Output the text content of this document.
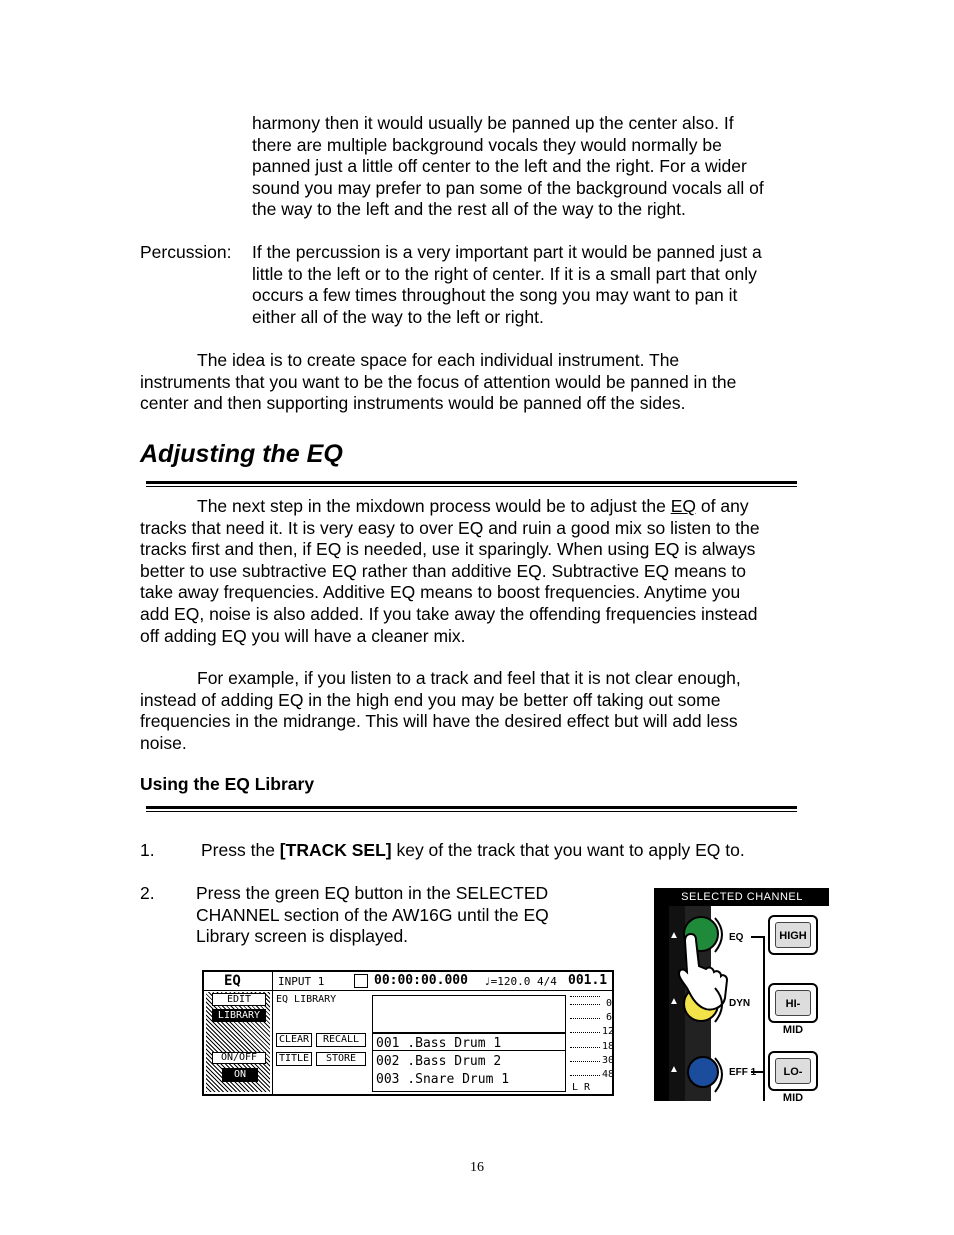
harmony then it would usually be panned up the center also. If
there are multiple background vocals they would normally be
panned just a little off center to the left and the right. For a wider
sound you may prefer to pan some of the background vocals all of
the way to the left and the rest all of the way to the right.
Percussion: If the percussion is a very important part it would be panned just a
little to the left or to the right of center. If it is a small part that only
occurs a few times throughout the song you may want to pan it
either all of the way to the left or right.
The idea is to create space for each individual instrument. The
instruments that you want to be the focus of attention would be panned in the
center and then supporting instruments would be panned off the sides.
Adjusting the EQ
The next step in the mixdown process would be to adjust the EQ of any
tracks that need it. It is very easy to over EQ and ruin a good mix so listen to the
tracks first and then, if EQ is needed, use it sparingly. When using EQ is always
better to use subtractive EQ rather than additive EQ. Subtractive EQ means to
take away frequencies. Additive EQ means to boost frequencies. Anytime you
add EQ, noise is also added. If you take away the offending frequencies instead
off adding EQ you will have a cleaner mix.
For example, if you listen to a track and feel that it is not clear enough,
instead of adding EQ in the high end you may be better off taking out some
frequencies in the midrange. This will have the desired effect but will add less
noise.
Using the EQ Library
1.	Press the [TRACK SEL] key of the track that you want to apply EQ to.
2. Press the green EQ button in the SELECTED
CHANNEL section of the AW16G until the EQ
Library screen is displayed.
EQ	INPUT 1	00:00:00.000 ♩=120.0 4/4 001.1
EDIT
LIBRARY
ON/OFF
ON
EQ LIBRARY
CLEAR	RECALL
TITLE	STORE
001 .Bass Drum 1
002 .Bass Drum 2
003 .Snare Drum 1
0
6
12
18
30
48
L R
SELECTED CHANNEL
▲
▲
▲
EQ
DYN
EFF 1
HIGH
HI-MID
LO-MID
16
